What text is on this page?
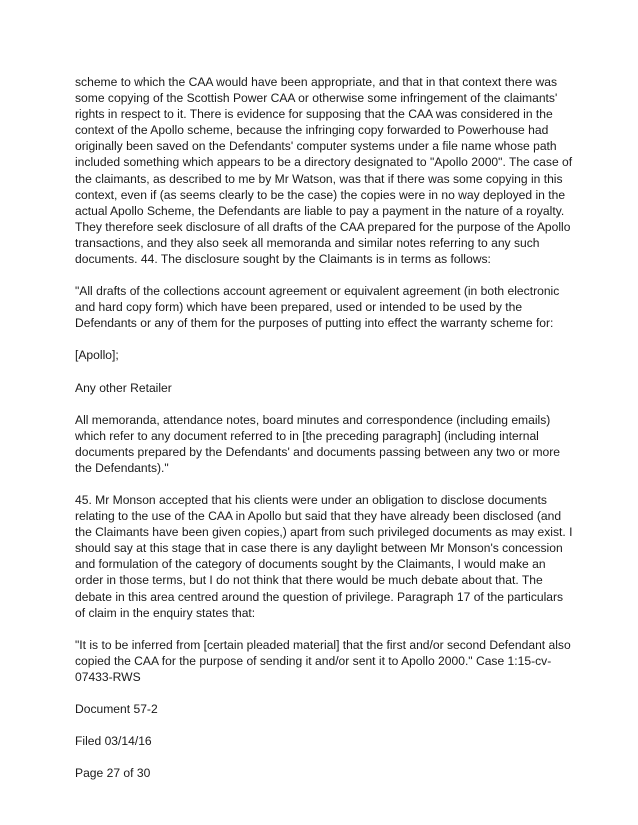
scheme to which the CAA would have been appropriate, and that in that context there was some copying of the Scottish Power CAA or otherwise some infringement of the claimants' rights in respect to it. There is evidence for supposing that the CAA was considered in the context of the Apollo scheme, because the infringing copy forwarded to Powerhouse had originally been saved on the Defendants' computer systems under a file name whose path included something which appears to be a directory designated to "Apollo 2000". The case of the claimants, as described to me by Mr Watson, was that if there was some copying in this context, even if (as seems clearly to be the case) the copies were in no way deployed in the actual Apollo Scheme, the Defendants are liable to pay a payment in the nature of a royalty. They therefore seek disclosure of all drafts of the CAA prepared for the purpose of the Apollo transactions, and they also seek all memoranda and similar notes referring to any such documents. 44. The disclosure sought by the Claimants is in terms as follows:

"All drafts of the collections account agreement or equivalent agreement (in both electronic and hard copy form) which have been prepared, used or intended to be used by the Defendants or any of them for the purposes of putting into effect the warranty scheme for:

[Apollo];

Any other Retailer

All memoranda, attendance notes, board minutes and correspondence (including emails) which refer to any document referred to in [the preceding paragraph] (including internal documents prepared by the Defendants' and documents passing between any two or more the Defendants)."

45. Mr Monson accepted that his clients were under an obligation to disclose documents relating to the use of the CAA in Apollo but said that they have already been disclosed (and the Claimants have been given copies,) apart from such privileged documents as may exist. I should say at this stage that in case there is any daylight between Mr Monson's concession and formulation of the category of documents sought by the Claimants, I would make an order in those terms, but I do not think that there would be much debate about that. The debate in this area centred around the question of privilege. Paragraph 17 of the particulars of claim in the enquiry states that:

"It is to be inferred from [certain pleaded material] that the first and/or second Defendant also copied the CAA for the purpose of sending it and/or sent it to Apollo 2000." Case 1:15-cv-07433-RWS

Document 57-2

Filed 03/14/16

Page 27 of 30
